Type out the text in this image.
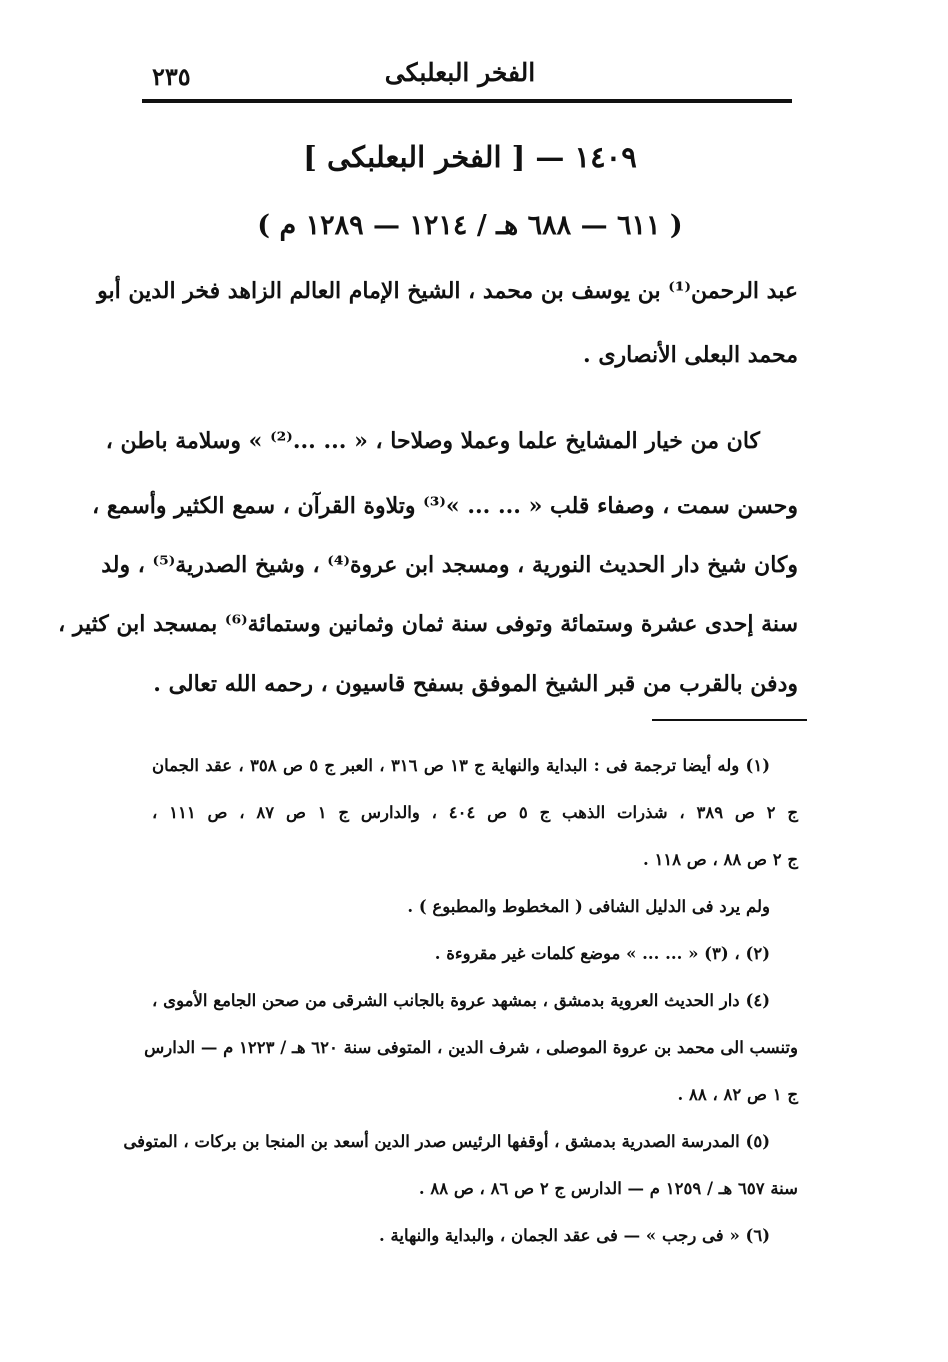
٢٣٥	الفخر البعلبكى
١٤٠٩ — [ الفخر البعلبكى ]
( ٦١١ — ٦٨٨ هـ / ١٢١٤ — ١٢٨٩ م )
عبد الرحمن⁽¹⁾ بن يوسف بن محمد ، الشيخ الإمام العالم الزاهد فخر الدين أبو
محمد البعلى الأنصارى .
كان من خيار المشايخ علما وعملا وصلاحا ، « ... ...⁽²⁾ » وسلامة باطن ،
وحسن سمت ، وصفاء قلب « ... ... »⁽³⁾ وتلاوة القرآن ، سمع الكثير وأسمع ،
وكان شيخ دار الحديث النورية ، ومسجد ابن عروة⁽⁴⁾ ، وشيخ الصدرية⁽⁵⁾ ، ولد
سنة إحدى عشرة وستمائة وتوفى سنة ثمان وثمانين وستمائة⁽⁶⁾ بمسجد ابن كثير ،
ودفن بالقرب من قبر الشيخ الموفق بسفح قاسيون ، رحمه الله تعالى .
(١) وله أيضا ترجمة فى : البداية والنهاية ج ١٣ ص ٣١٦ ، العبر ج ٥ ص ٣٥٨ ، عقد الجمان
ج ٢ ص ٣٨٩ ، شذرات الذهب ج ٥ ص ٤٠٤ ، والدارس ج ١ ص ٨٧ ، ص ١١١ ،
ج ٢ ص ٨٨ ، ص ١١٨ .
ولم يرد فى الدليل الشافى ( المخطوط والمطبوع ) .
(٢) ، (٣) « ... ... » موضع كلمات غير مقروءة .
(٤) دار الحديث العروية بدمشق ، بمشهد عروة بالجانب الشرقى من صحن الجامع الأموى ،
وتنسب الى محمد بن عروة الموصلى ، شرف الدين ، المتوفى سنة ٦٢٠ هـ / ١٢٢٣ م — الدارس
ج ١ ص ٨٢ ، ٨٨ .
(٥) المدرسة الصدرية بدمشق ، أوقفها الرئيس صدر الدين أسعد بن المنجا بن بركات ، المتوفى
سنة ٦٥٧ هـ / ١٢٥٩ م — الدارس ج ٢ ص ٨٦ ، ص ٨٨ .
(٦) « فى رجب » — فى عقد الجمان ، والبداية والنهاية .
